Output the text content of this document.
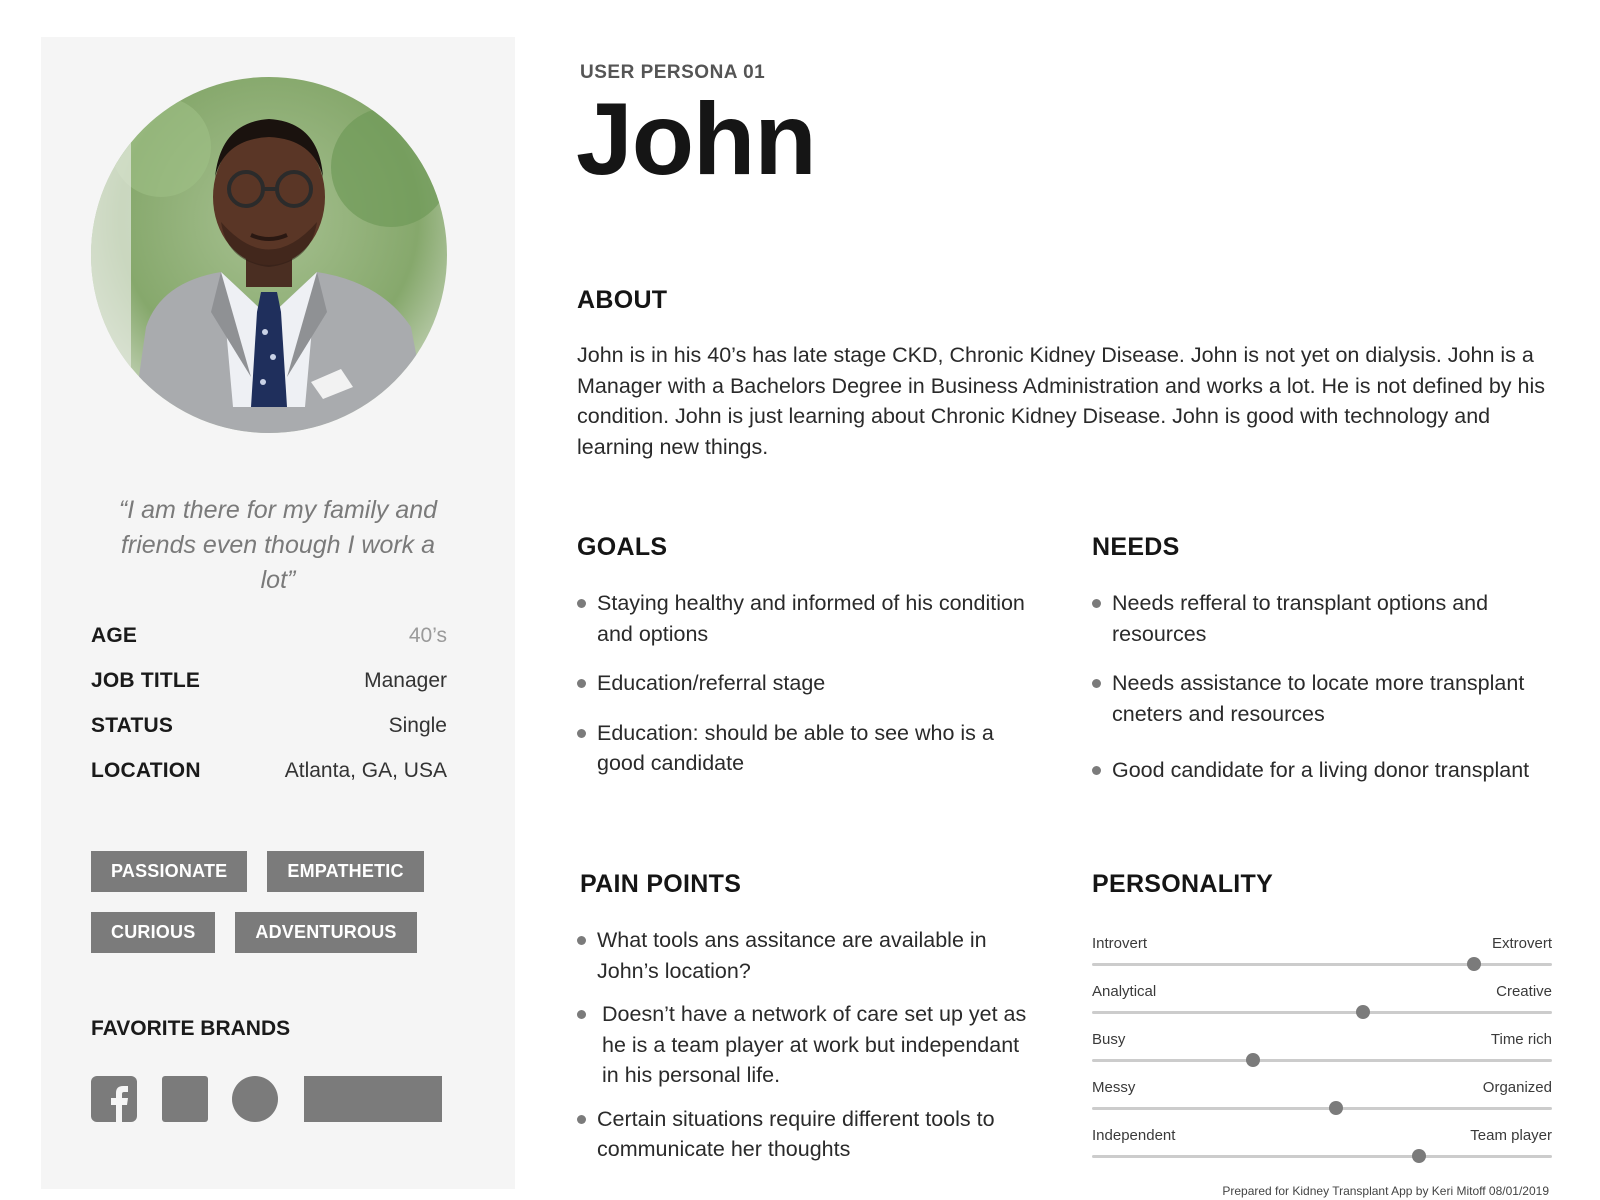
“I am there for my family and friends even though I work a lot”
AGE	40’s
JOB TITLE	Manager
STATUS	Single
LOCATION	Atlanta, GA, USA
PASSIONATE	EMPATHETIC
CURIOUS	ADVENTUROUS
FAVORITE BRANDS
USER PERSONA 01
John
ABOUT
John is in his 40’s has late stage CKD, Chronic Kidney Disease. John is not yet on dialysis. John is a Manager with a Bachelors Degree in Business Administration and works a lot. He is not defined by his condition. John is just learning about Chronic Kidney Disease. John is good with technology and learning new things.
GOALS
Staying healthy and informed of his condition and options
Education/referral stage
Education: should be able to see who is a good candidate
NEEDS
Needs refferal to transplant options and resources
Needs assistance to locate more transplant cneters and resources
Good candidate for a living donor transplant
PAIN POINTS
What tools ans assitance are available in John’s location?
Doesn’t have a network of care set up yet as he is a team player at work but independant in his personal life.
Certain situations require different tools to communicate her thoughts
PERSONALITY
Introvert	Extrovert
Analytical	Creative
Busy	Time rich
Messy	Organized
Independent	Team player
Prepared for Kidney Transplant App by Keri Mitoff 08/01/2019
